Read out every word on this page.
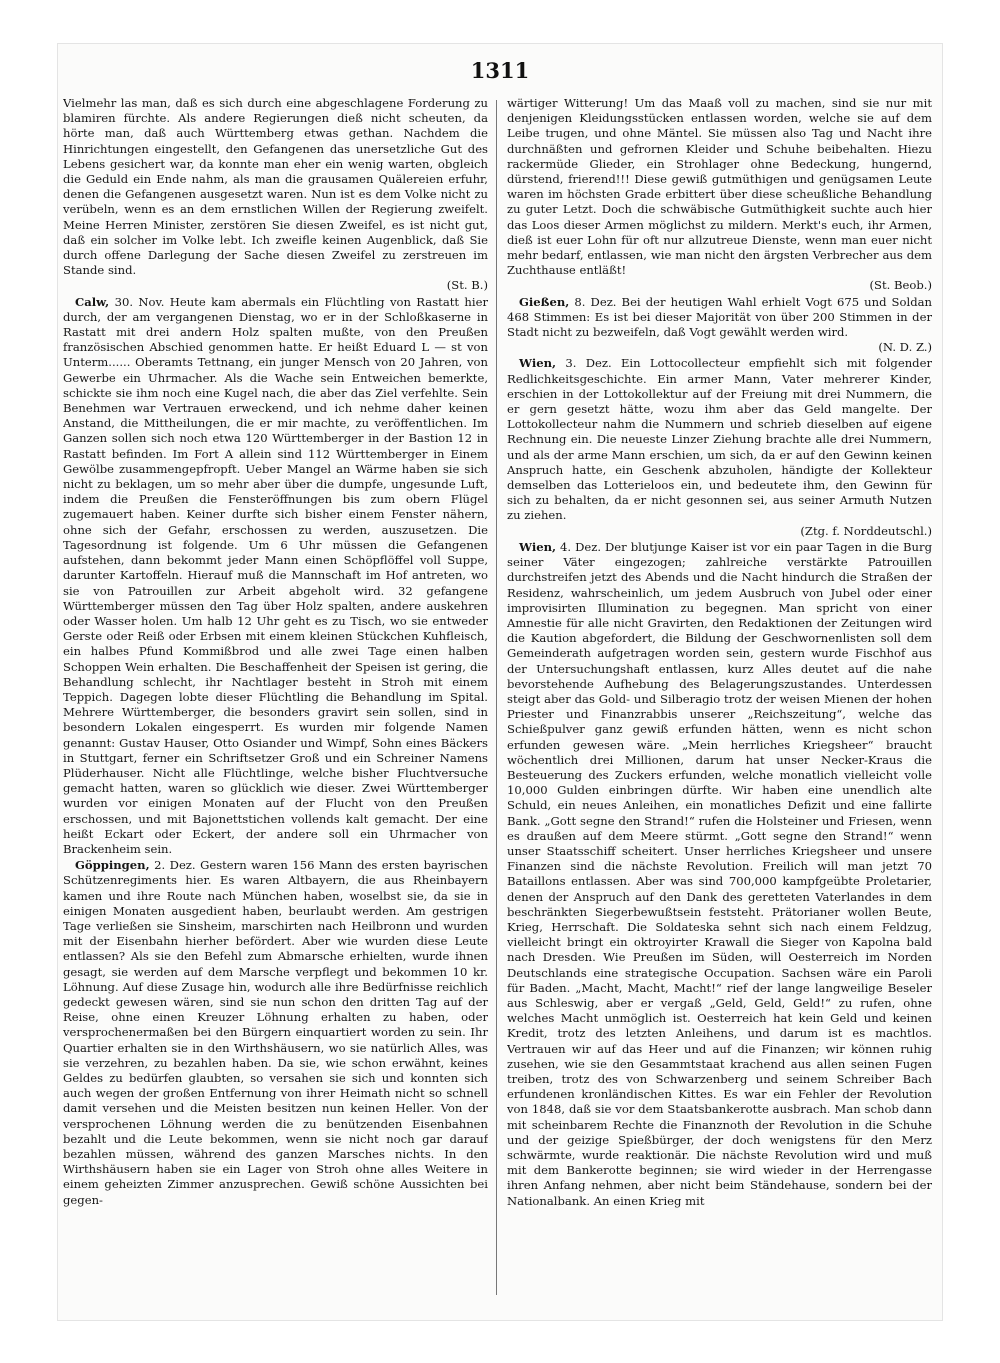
1311

Vielmehr las man, daß es sich durch eine abgeschlagene Forderung zu blamiren fürchte. Als andere Regierungen dieß nicht scheuten, da hörte man, daß auch Württemberg etwas gethan. Nachdem die Hinrichtungen eingestellt, den Gefangenen das unersetzliche Gut des Lebens gesichert war, da konnte man eher ein wenig warten, obgleich die Geduld ein Ende nahm, als man die grausamen Quälereien erfuhr, denen die Gefangenen ausgesetzt waren. Nun ist es dem Volke nicht zu verübeln, wenn es an dem ernstlichen Willen der Regierung zweifelt. Meine Herren Minister, zerstören Sie diesen Zweifel, es ist nicht gut, daß ein solcher im Volke lebt. Ich zweifle keinen Augenblick, daß Sie durch offene Darlegung der Sache diesen Zweifel zu zerstreuen im Stande sind.
(St. B.)

Calw, 30. Nov. Heute kam abermals ein Flüchtling von Rastatt hier durch, der am vergangenen Dienstag, wo er in der Schloßkaserne in Rastatt mit drei andern Holz spalten mußte, von den Preußen französischen Abschied genommen hatte. Er heißt Eduard L — st von Unterm...... Oberamts Tettnang, ein junger Mensch von 20 Jahren, von Gewerbe ein Uhrmacher. Als die Wache sein Entweichen bemerkte, schickte sie ihm noch eine Kugel nach, die aber das Ziel verfehlte. Sein Benehmen war Vertrauen erweckend, und ich nehme daher keinen Anstand, die Mittheilungen, die er mir machte, zu veröffentlichen. Im Ganzen sollen sich noch etwa 120 Württemberger in der Bastion 12 in Rastatt befinden. Im Fort A allein sind 112 Württemberger in Einem Gewölbe zusammengepfropft. Ueber Mangel an Wärme haben sie sich nicht zu beklagen, um so mehr aber über die dumpfe, ungesunde Luft, indem die Preußen die Fensteröffnungen bis zum obern Flügel zugemauert haben. Keiner durfte sich bisher einem Fenster nähern, ohne sich der Gefahr, erschossen zu werden, auszusetzen. Die Tagesordnung ist folgende. Um 6 Uhr müssen die Gefangenen aufstehen, dann bekommt jeder Mann einen Schöpflöffel voll Suppe, darunter Kartoffeln. Hierauf muß die Mannschaft im Hof antreten, wo sie von Patrouillen zur Arbeit abgeholt wird. 32 gefangene Württemberger müssen den Tag über Holz spalten, andere auskehren oder Wasser holen. Um halb 12 Uhr geht es zu Tisch, wo sie entweder Gerste oder Reiß oder Erbsen mit einem kleinen Stückchen Kuhfleisch, ein halbes Pfund Kommißbrod und alle zwei Tage einen halben Schoppen Wein erhalten. Die Beschaffenheit der Speisen ist gering, die Behandlung schlecht, ihr Nachtlager besteht in Stroh mit einem Teppich. Dagegen lobte dieser Flüchtling die Behandlung im Spital. Mehrere Württemberger, die besonders gravirt sein sollen, sind in besondern Lokalen eingesperrt. Es wurden mir folgende Namen genannt: Gustav Hauser, Otto Osiander und Wimpf, Sohn eines Bäckers in Stuttgart, ferner ein Schriftsetzer Groß und ein Schreiner Namens Plüderhauser. Nicht alle Flüchtlinge, welche bisher Fluchtversuche gemacht hatten, waren so glücklich wie dieser. Zwei Württemberger wurden vor einigen Monaten auf der Flucht von den Preußen erschossen, und mit Bajonettstichen vollends kalt gemacht. Der eine heißt Eckart oder Eckert, der andere soll ein Uhrmacher von Brackenheim sein.

Göppingen, 2. Dez. Gestern waren 156 Mann des ersten bayrischen Schützenregiments hier. Es waren Altbayern, die aus Rheinbayern kamen und ihre Route nach München haben, woselbst sie, da sie in einigen Monaten ausgedient haben, beurlaubt werden. Am gestrigen Tage verließen sie Sinsheim, marschirten nach Heilbronn und wurden mit der Eisenbahn hierher befördert. Aber wie wurden diese Leute entlassen? Als sie den Befehl zum Abmarsche erhielten, wurde ihnen gesagt, sie werden auf dem Marsche verpflegt und bekommen 10 kr. Löhnung. Auf diese Zusage hin, wodurch alle ihre Bedürfnisse reichlich gedeckt gewesen wären, sind sie nun schon den dritten Tag auf der Reise, ohne einen Kreuzer Löhnung erhalten zu haben, oder versprochenermaßen bei den Bürgern einquartiert worden zu sein. Ihr Quartier erhalten sie in den Wirthshäusern, wo sie natürlich Alles, was sie verzehren, zu bezahlen haben. Da sie, wie schon erwähnt, keines Geldes zu bedürfen glaubten, so versahen sie sich und konnten sich auch wegen der großen Entfernung von ihrer Heimath nicht so schnell damit versehen und die Meisten besitzen nun keinen Heller. Von der versprochenen Löhnung werden die zu benützenden Eisenbahnen bezahlt und die Leute bekommen, wenn sie nicht noch gar darauf bezahlen müssen, während des ganzen Marsches nichts. In den Wirthshäusern haben sie ein Lager von Stroh ohne alles Weitere in einem geheizten Zimmer anzusprechen. Gewiß schöne Aussichten bei gegen-

wärtiger Witterung! Um das Maaß voll zu machen, sind sie nur mit denjenigen Kleidungsstücken entlassen worden, welche sie auf dem Leibe trugen, und ohne Mäntel. Sie müssen also Tag und Nacht ihre durchnäßten und gefrornen Kleider und Schuhe beibehalten. Hiezu rackermüde Glieder, ein Strohlager ohne Bedeckung, hungernd, dürstend, frierend!!! Diese gewiß gutmüthigen und genügsamen Leute waren im höchsten Grade erbittert über diese scheußliche Behandlung zu guter Letzt. Doch die schwäbische Gutmüthigkeit suchte auch hier das Loos dieser Armen möglichst zu mildern. Merkt's euch, ihr Armen, dieß ist euer Lohn für oft nur allzutreue Dienste, wenn man euer nicht mehr bedarf, entlassen, wie man nicht den ärgsten Verbrecher aus dem Zuchthause entläßt!
(St. Beob.)

Gießen, 8. Dez. Bei der heutigen Wahl erhielt Vogt 675 und Soldan 468 Stimmen: Es ist bei dieser Majorität von über 200 Stimmen in der Stadt nicht zu bezweifeln, daß Vogt gewählt werden wird.
(N. D. Z.)

Wien, 3. Dez. Ein Lottocollecteur empfiehlt sich mit folgender Redlichkeitsgeschichte. Ein armer Mann, Vater mehrerer Kinder, erschien in der Lottokollektur auf der Freiung mit drei Nummern, die er gern gesetzt hätte, wozu ihm aber das Geld mangelte. Der Lottokollecteur nahm die Nummern und schrieb dieselben auf eigene Rechnung ein. Die neueste Linzer Ziehung brachte alle drei Nummern, und als der arme Mann erschien, um sich, da er auf den Gewinn keinen Anspruch hatte, ein Geschenk abzuholen, händigte der Kollekteur demselben das Lotterieloos ein, und bedeutete ihm, den Gewinn für sich zu behalten, da er nicht gesonnen sei, aus seiner Armuth Nutzen zu ziehen.
(Ztg. f. Norddeutschl.)

Wien, 4. Dez. Der blutjunge Kaiser ist vor ein paar Tagen in die Burg seiner Väter eingezogen; zahlreiche verstärkte Patrouillen durchstreifen jetzt des Abends und die Nacht hindurch die Straßen der Residenz, wahrscheinlich, um jedem Ausbruch von Jubel oder einer improvisirten Illumination zu begegnen. Man spricht von einer Amnestie für alle nicht Gravirten, den Redaktionen der Zeitungen wird die Kaution abgefordert, die Bildung der Geschwornenlisten soll dem Gemeinderath aufgetragen worden sein, gestern wurde Fischhof aus der Untersuchungshaft entlassen, kurz Alles deutet auf die nahe bevorstehende Aufhebung des Belagerungszustandes. Unterdessen steigt aber das Gold- und Silberagio trotz der weisen Mienen der hohen Priester und Finanzrabbis unserer „Reichszeitung“, welche das Schießpulver ganz gewiß erfunden hätten, wenn es nicht schon erfunden gewesen wäre. „Mein herrliches Kriegsheer“ braucht wöchentlich drei Millionen, darum hat unser Necker-Kraus die Besteuerung des Zuckers erfunden, welche monatlich vielleicht volle 10,000 Gulden einbringen dürfte. Wir haben eine unendlich alte Schuld, ein neues Anleihen, ein monatliches Defizit und eine fallirte Bank. „Gott segne den Strand!“ rufen die Holsteiner und Friesen, wenn es draußen auf dem Meere stürmt. „Gott segne den Strand!“ wenn unser Staatsschiff scheitert. Unser herrliches Kriegsheer und unsere Finanzen sind die nächste Revolution. Freilich will man jetzt 70 Bataillons entlassen. Aber was sind 700,000 kampfgeübte Proletarier, denen der Anspruch auf den Dank des geretteten Vaterlandes in dem beschränkten Siegerbewußtsein feststeht. Prätorianer wollen Beute, Krieg, Herrschaft. Die Soldateska sehnt sich nach einem Feldzug, vielleicht bringt ein oktroyirter Krawall die Sieger von Kapolna bald nach Dresden. Wie Preußen im Süden, will Oesterreich im Norden Deutschlands eine strategische Occupation. Sachsen wäre ein Paroli für Baden. „Macht, Macht, Macht!“ rief der lange langweilige Beseler aus Schleswig, aber er vergaß „Geld, Geld, Geld!“ zu rufen, ohne welches Macht unmöglich ist. Oesterreich hat kein Geld und keinen Kredit, trotz des letzten Anleihens, und darum ist es machtlos. Vertrauen wir auf das Heer und auf die Finanzen; wir können ruhig zusehen, wie sie den Gesammtstaat krachend aus allen seinen Fugen treiben, trotz des von Schwarzenberg und seinem Schreiber Bach erfundenen kronländischen Kittes. Es war ein Fehler der Revolution von 1848, daß sie vor dem Staatsbankerotte ausbrach. Man schob dann mit scheinbarem Rechte die Finanznoth der Revolution in die Schuhe und der geizige Spießbürger, der doch wenigstens für den Merz schwärmte, wurde reaktionär. Die nächste Revolution wird und muß mit dem Bankerotte beginnen; sie wird wieder in der Herrengasse ihren Anfang nehmen, aber nicht beim Ständehause, sondern bei der Nationalbank. An einen Krieg mit
